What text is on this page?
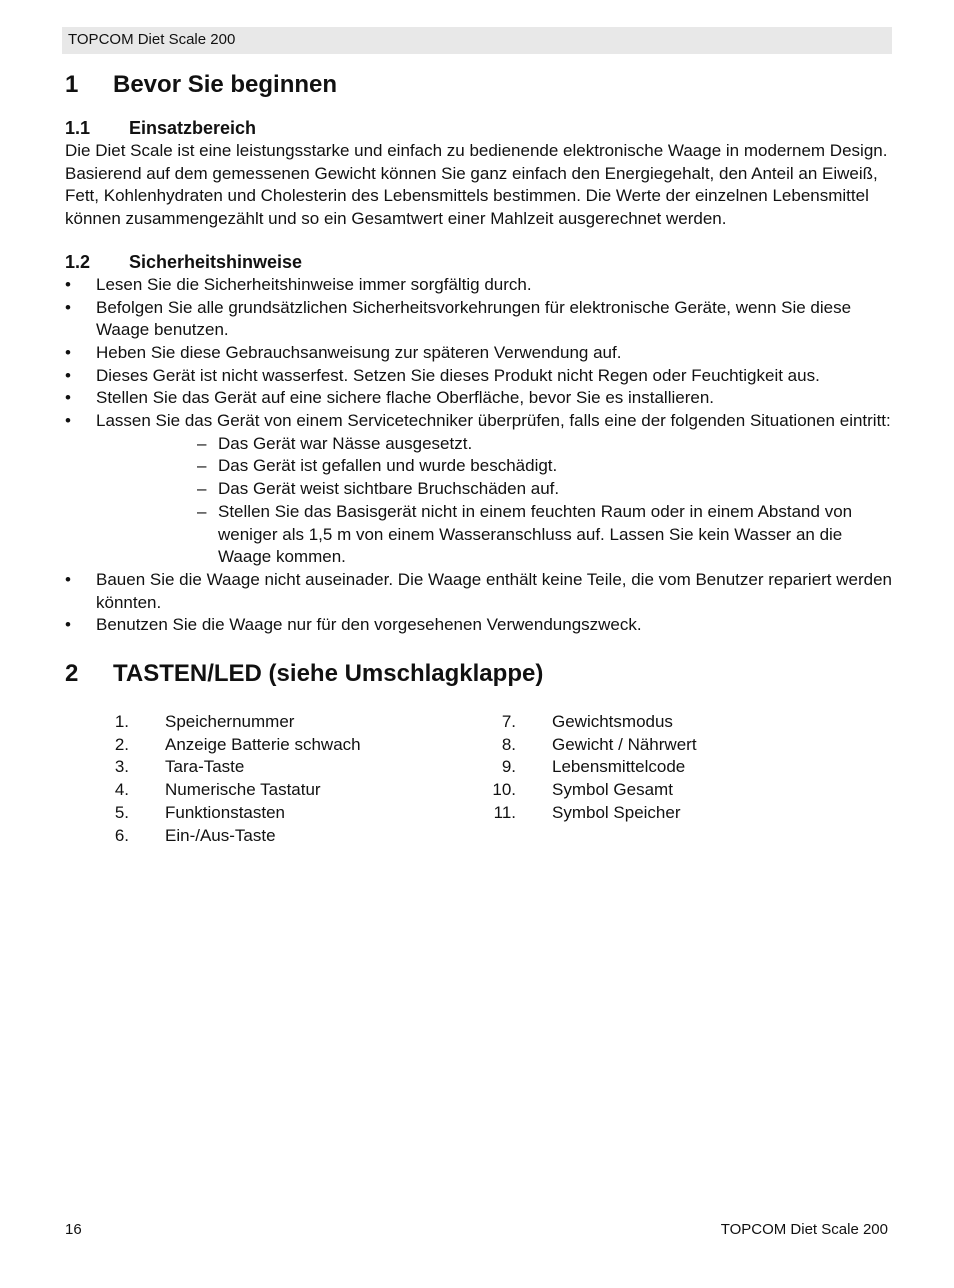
TOPCOM Diet Scale 200
1	Bevor Sie beginnen
1.1	Einsatzbereich

Die Diet Scale ist eine leistungsstarke und einfach zu bedienende elektronische Waage in modernem Design.

Basierend auf dem gemessenen Gewicht können Sie ganz einfach den Energiegehalt, den Anteil an Eiweiß, Fett, Kohlenhydraten und Cholesterin des Lebensmittels bestimmen. Die Werte der einzelnen Lebensmittel können zusammengezählt und so ein Gesamtwert einer Mahlzeit ausgerechnet werden.

1.2	Sicherheitshinweise
• Lesen Sie die Sicherheitshinweise immer sorgfältig durch.
• Befolgen Sie alle grundsätzlichen Sicherheitsvorkehrungen für elektronische Geräte, wenn Sie diese Waage benutzen.
• Heben Sie diese Gebrauchsanweisung zur späteren Verwendung auf.
• Dieses Gerät ist nicht wasserfest. Setzen Sie dieses Produkt nicht Regen oder Feuchtigkeit aus.
• Stellen Sie das Gerät auf eine sichere flache Oberfläche, bevor Sie es installieren.
• Lassen Sie das Gerät von einem Servicetechniker überprüfen, falls eine der folgenden Situationen eintritt:
– Das Gerät war Nässe ausgesetzt.
– Das Gerät ist gefallen und wurde beschädigt.
– Das Gerät weist sichtbare Bruchschäden auf.
– Stellen Sie das Basisgerät nicht in einem feuchten Raum oder in einem Abstand von weniger als 1,5 m von einem Wasseranschluss auf. Lassen Sie kein Wasser an die Waage kommen.
• Bauen Sie die Waage nicht auseinader. Die Waage enthält keine Teile, die vom Benutzer repariert werden könnten.
• Benutzen Sie die Waage nur für den vorgesehenen Verwendungszweck.
2	TASTEN/LED (siehe Umschlagklappe)
1.	Speichernummer
2.	Anzeige Batterie schwach
3.	Tara-Taste
4.	Numerische Tastatur
5.	Funktionstasten
6.	Ein-/Aus-Taste
7.	Gewichtsmodus
8.	Gewicht / Nährwert
9.	Lebensmittelcode
10.	Symbol Gesamt
11.	Symbol Speicher
16	TOPCOM Diet Scale 200
